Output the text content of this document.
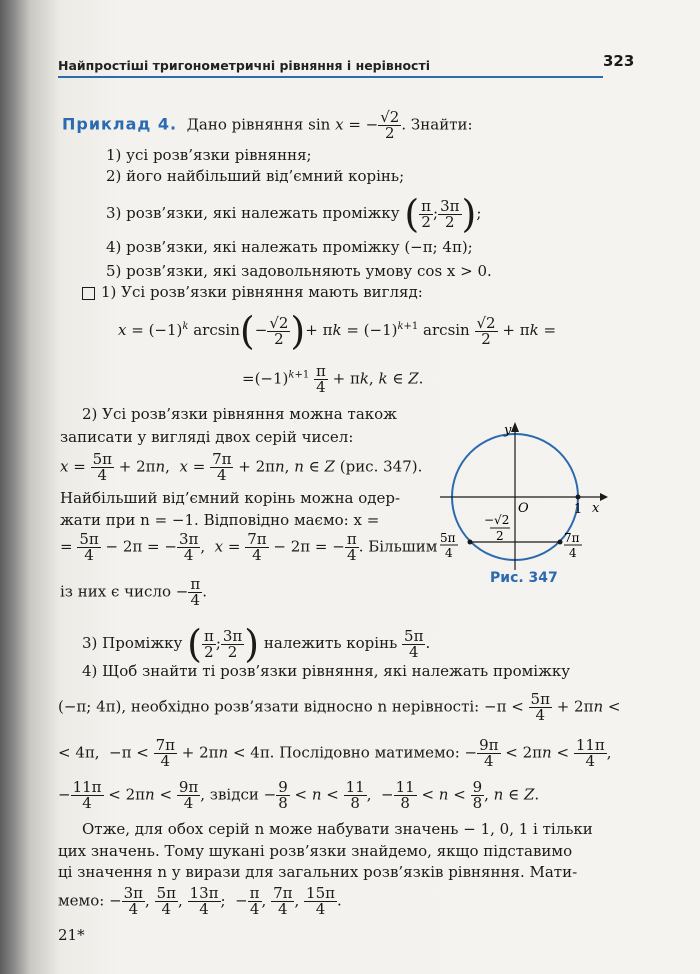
Найпростіші тригонометричні рівняння і нерівності	323
Приклад 4. Дано рівняння sin x = − $\frac{√2}{2}$ . Знайти:
1) усі розв’язки рівняння;
2) його найбільший від’ємний корінь;
3) розв’язки, які належать проміжку ( $\frac{\pi}{2}$ ; $\frac{3\pi}{2}$ );
4) розв’язки, які належать проміжку (−π; 4π);
5) розв’язки, які задовольняють умову cos x > 0.
1) Усі розв’язки рівняння мають вигляд:
$x = (-1)^k$ $\arcsin(- \frac{√2}{2}$ )+ $\pi k = (-1)^{k+1}$ $\arcsin \frac{√2}{2} + \pi k$ =
$=(-1)^{k+1} \frac{\pi}{4} + \pi k$, k ∈ Z.
2) Усі розв’язки рівняння можна також
записати у вигляді двох серій чисел:
$x = \frac{5\pi}{4} + 2\pi n$,  $x = \frac{7\pi}{4} + 2\pi n$, n ∈ Z (рис. 347).
Найбільший від’ємний корінь можна одер-
жати при n = −1. Відповідно маємо: x =
= $\frac{5\pi}{4} - 2\pi$ = − $\frac{3\pi}{4}$ ,  $x = \frac{7\pi}{4} - 2\pi$ = − $\frac{\pi}{4}$ . Більшим
із них є число − $\frac{\pi}{4}$ .
y
x
O	1
−√2
2
5π
4
7π
4
Рис. 347
3) Проміжку ( $\frac{\pi}{2}$ ; $\frac{3\pi}{2}$ ) належить корінь $\frac{5\pi}{4}$ .
4) Щоб знайти ті розв’язки рівняння, які належать проміжку
(−π; 4π), необхідно розв’язати відносно n нерівності: $-\pi < \frac{5\pi}{4} + 2\pi n$ <
< 4π,  $-\pi < \frac{7\pi}{4} + 2\pi n < 4\pi$. Послідовно матимемо: − $\frac{9\pi}{4} < 2\pi n < \frac{11\pi}{4}$ ,
− $\frac{11\pi}{4} < 2\pi n < \frac{9\pi}{4}$ , звідси − $\frac{9}{8} < n < \frac{11}{8}$ ,  − $\frac{11}{8} < n < \frac{9}{8}$ , n ∈ Z.
Отже, для обох серій n може набувати значень − 1, 0, 1 і тільки
цих значень. Тому шукані розв’язки знайдемо, якщо підставимо
ці значення n у вирази для загальних розв’язків рівняння. Мати-
мемо: − $\frac{3\pi}{4}$ , $\frac{5\pi}{4}$ , $\frac{13\pi}{4}$ ;  − $\frac{\pi}{4}$ , $\frac{7\pi}{4}$ , $\frac{15\pi}{4}$ .
21*
